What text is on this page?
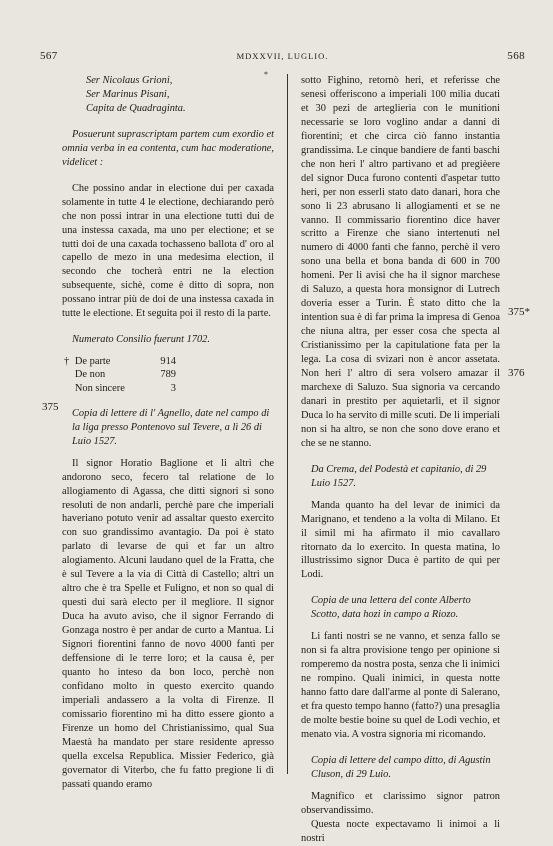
567	MDXXVII, LUGLIO.	568
*
375
375*
376

Ser Nicolaus Grioni,

Ser Marinus Pisani,

Capita de Quadraginta.

Posuerunt suprascriptam partem cum exordio et omnia verba in ea contenta, cum hac moderatione, videlicet :

Che possino andar in electione dui per caxada solamente in tutte 4 le electione, dechiarando però che non possi intrar in una electione tutti dui de una instessa caxada, ma uno per electione; et se tutti doi de una caxada tochasseno ballota d' oro al capello de mezo in una medesima election, il secondo che tocherà entri ne la election subsequente, sichè, come è ditto di sopra, non possano intrar più de doi de una instessa caxada in tutte le electione. Et seguita poi il resto di la parte.

Numerato Consilio fuerunt 1702.

†	De parte	914
	De non	789
	Non sincere	3

Copia di lettere di l' Agnello, date nel campo di la liga presso Pontenovo sul Tevere, a lì 26 di Luio 1527.

Il signor Horatio Baglione et li altri che andorono seco, fecero tal relatione de lo allogiamento di Agassa, che ditti signori si sono resoluti de non andarli, perchè pare che imperiali haveriano potuto venir ad assaltar questo exercito con suo grandissimo avantagio. Da poi è stato parlato di levarse de qui et far un altro alogiamento. Alcuni laudano quel de la Fratta, che è sul Tevere a la via di Città di Castello; altri un altro che è tra Spelle et Fuligno, et non so qual di questi dui sarà electo per il megliore. Il signor Duca ha avuto aviso, che il signor Ferrando di Gonzaga nostro è per andar de curto a Mantua. Li Signori fiorentini fanno de novo 4000 fanti per deffensione di le terre loro; et la causa è, per quanto ho inteso da bon loco, perchè non confidano molto in questo exercito quando imperiali andassero a la volta di Firenze. Il comissario fiorentino mi ha ditto essere gionto a Firenze un homo del Christianissimo, qual Sua Maestà ha mandato per stare residente apresso quella excelsa Republica. Missier Federico, già governator di Viterbo, che fu fatto pregione li dì passati quando eramo

sotto Fighino, retornò heri, et referisse che senesi offeriscono a imperiali 100 milia ducati et 30 pezi de arteglieria con le munitioni necessarie se loro voglino andar a danni di fiorentini; et che circa ciò fanno instantia grandissima. Le cinque bandiere de fanti baschi che non heri l' altro partivano et ad pregièere del signor Duca furono contenti d'aspetar tutto heri, per non esserli stato dato danari, hora che sono li 23 abrusano li allogiamenti et se ne vanno. Il commissario fiorentino dice haver scritto a Firenze che siano intertenuti nel numero di 4000 fanti che fanno, perchè il vero sono una bella et bona banda di 600 in 700 homeni. Per li avisi che ha il signor marchese di Saluzo, a questa hora monsignor di Lutrech doveria esser a Turin. È stato ditto che la intention sua è di far prima la impresa di Genoa che niuna altra, per esser cosa che specta al Cristianissimo per la capitulatione fata per la lega. La cosa di svizari non è ancor assetata. Non heri l' altro di sera volsero amazar il marchexe di Saluzo. Sua signoria va cercando danari in prestito per aquietarli, et il signor Duca lo ha servito di mille scuti. De li imperiali non si ha altro, se non che sono dove erano et che se ne stanno.

Da Crema, del Podestà et capitanio, di 29 Luio 1527.

Manda quanto ha del levar de inimici da Marignano, et tendeno a la volta di Milano. Et il simil mi ha afirmato il mio cavallaro ritornato da lo exercito. In questa matina, lo illustrissimo signor Duca è partito de qui per Lodi.

Copia de una lettera del conte Alberto Scotto, data hozi in campo a Riozo.

Li fanti nostri se ne vanno, et senza fallo se non si fa altra provisione tengo per opinione si romperemo da nostra posta, senza che li inimici ne rompino. Quali inimici, in questa notte hanno fatto dare dall'arme al ponte di Salerano, et fra questo tempo hanno (fatto?) una presaglia de molte bestie boine su quel de Lodi vechio, et menato via. A vostra signoria mi ricomando.

Copia di lettere del campo ditto, di Agustin Cluson, di 29 Luio.

Magnifico et clarissimo signor patron observandissimo.

Questa nocte expectavamo li inimoi a li nostri
